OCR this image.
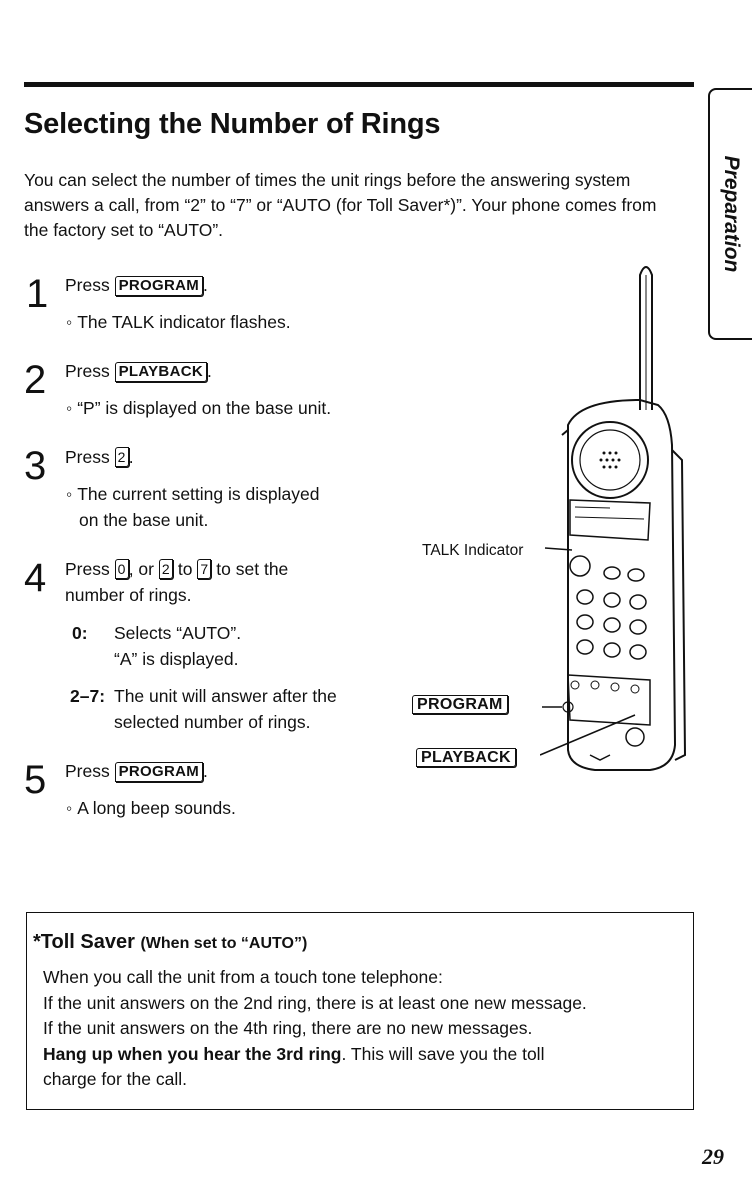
Preparation
Selecting the Number of Rings
You can select the number of times the unit rings before the answering system answers a call, from “2” to “7” or “AUTO (for Toll Saver*)”. Your phone comes from the factory set to “AUTO”.
1 Press PROGRAM .
◦ The TALK indicator flashes.
2 Press PLAYBACK .
◦ “P” is displayed on the base unit.
3 Press 2 .
◦ The current setting is displayed
on the base unit.
4 Press 0 , or 2 to 7 to set the
number of rings.
0: Selects “AUTO”.
“A” is displayed.
2–7: The unit will answer after the
selected number of rings.
5 Press PROGRAM .
◦ A long beep sounds.
TALK Indicator
PROGRAM
PLAYBACK
*Toll Saver (When set to “AUTO”)
When you call the unit from a touch tone telephone:
If the unit answers on the 2nd ring, there is at least one new message.
If the unit answers on the 4th ring, there are no new messages.
Hang up when you hear the 3rd ring. This will save you the toll
charge for the call.
29
